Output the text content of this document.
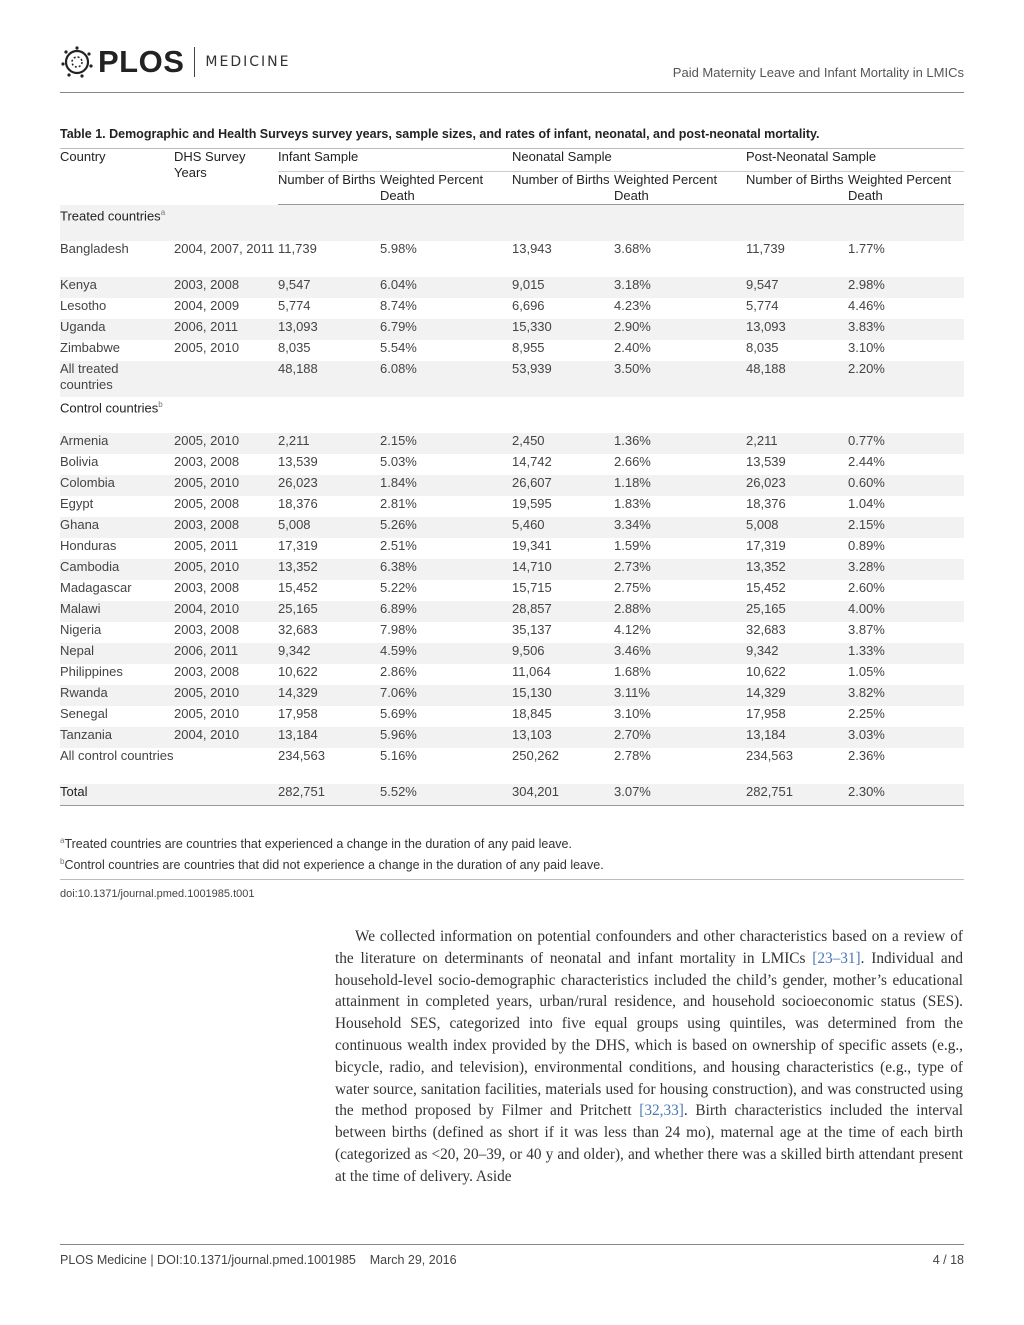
PLOS MEDICINE
Paid Maternity Leave and Infant Mortality in LMICs
Table 1. Demographic and Health Surveys survey years, sample sizes, and rates of infant, neonatal, and post-neonatal mortality.
Country	DHS Survey Years	Infant Sample		Neonatal Sample		Post-Neonatal Sample	
		Number of Births	Weighted Percent Death	Number of Births	Weighted Percent Death	Number of Births	Weighted Percent Death
Treated countries$^a$						
Bangladesh	2004, 2007, 2011	11,739	5.98%	13,943	3.68%	11,739	1.77%
Kenya	2003, 2008	9,547	6.04%	9,015	3.18%	9,547	2.98%
Lesotho	2004, 2009	5,774	8.74%	6,696	4.23%	5,774	4.46%
Uganda	2006, 2011	13,093	6.79%	15,330	2.90%	13,093	3.83%
Zimbabwe	2005, 2010	8,035	5.54%	8,955	2.40%	8,035	3.10%
All treated countries		48,188	6.08%	53,939	3.50%	48,188	2.20%
Control countries$^b$						
Armenia	2005, 2010	2,211	2.15%	2,450	1.36%	2,211	0.77%
Bolivia	2003, 2008	13,539	5.03%	14,742	2.66%	13,539	2.44%
Colombia	2005, 2010	26,023	1.84%	26,607	1.18%	26,023	0.60%
Egypt	2005, 2008	18,376	2.81%	19,595	1.83%	18,376	1.04%
Ghana	2003, 2008	5,008	5.26%	5,460	3.34%	5,008	2.15%
Honduras	2005, 2011	17,319	2.51%	19,341	1.59%	17,319	0.89%
Cambodia	2005, 2010	13,352	6.38%	14,710	2.73%	13,352	3.28%
Madagascar	2003, 2008	15,452	5.22%	15,715	2.75%	15,452	2.60%
Malawi	2004, 2010	25,165	6.89%	28,857	2.88%	25,165	4.00%
Nigeria	2003, 2008	32,683	7.98%	35,137	4.12%	32,683	3.87%
Nepal	2006, 2011	9,342	4.59%	9,506	3.46%	9,342	1.33%
Philippines	2003, 2008	10,622	2.86%	11,064	1.68%	10,622	1.05%
Rwanda	2005, 2010	14,329	7.06%	15,130	3.11%	14,329	3.82%
Senegal	2005, 2010	17,958	5.69%	18,845	3.10%	17,958	2.25%
Tanzania	2004, 2010	13,184	5.96%	13,103	2.70%	13,184	3.03%
All control countries		234,563	5.16%	250,262	2.78%	234,563	2.36%
Total		282,751	5.52%	304,201	3.07%	282,751	2.30%
$^a$Treated countries are countries that experienced a change in the duration of any paid leave.
$^b$Control countries are countries that did not experience a change in the duration of any paid leave.
doi:10.1371/journal.pmed.1001985.t001

We collected information on potential confounders and other characteristics based on a review of the literature on determinants of neonatal and infant mortality in LMICs [23–31]. Individual and household-level socio-demographic characteristics included the child’s gender, mother’s educational attainment in completed years, urban/rural residence, and household socioeconomic status (SES). Household SES, categorized into five equal groups using quintiles, was determined from the continuous wealth index provided by the DHS, which is based on ownership of specific assets (e.g., bicycle, radio, and television), environmental conditions, and housing characteristics (e.g., type of water source, sanitation facilities, materials used for housing construction), and was constructed using the method proposed by Filmer and Pritchett [32,33]. Birth characteristics included the interval between births (defined as short if it was less than 24 mo), maternal age at the time of each birth (categorized as <20, 20–39, or 40 y and older), and whether there was a skilled birth attendant present at the time of delivery. Aside

PLOS Medicine | DOI:10.1371/journal.pmed.1001985 March 29, 2016	4 / 18
